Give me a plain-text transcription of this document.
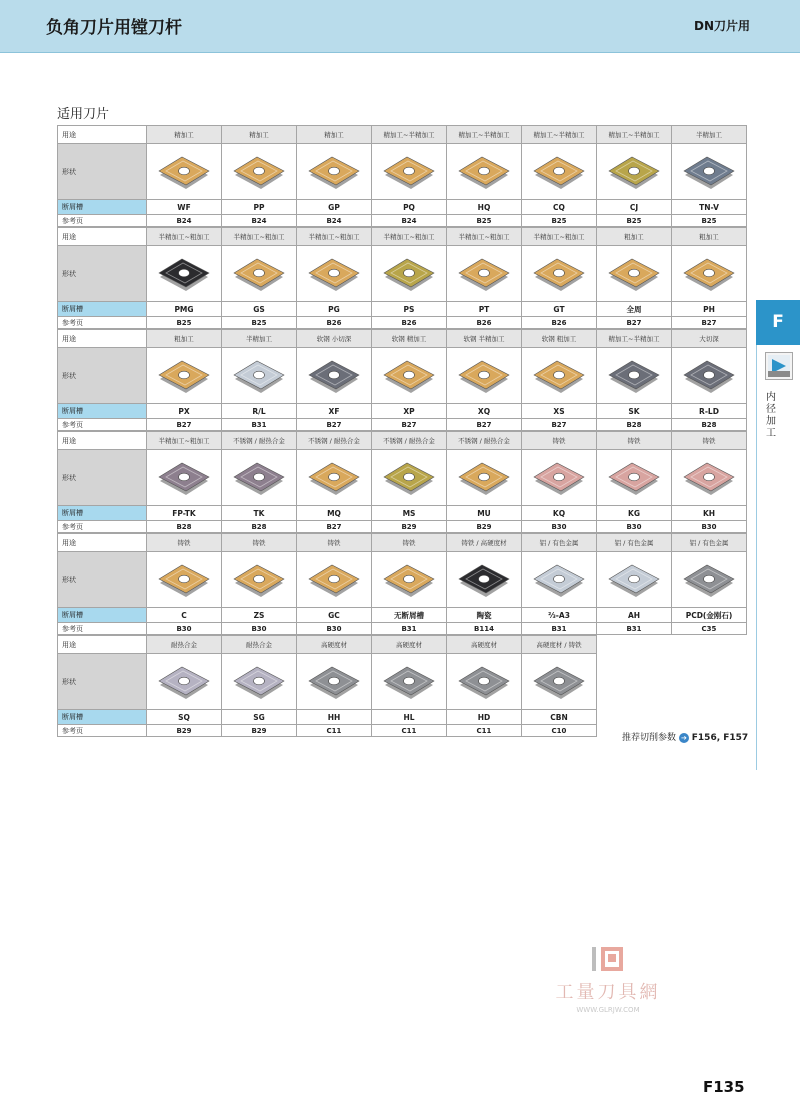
负角刀片用镗刀杆	DN刀片用
适用刀片
用途	精加工	精加工	精加工	精加工~半精加工	精加工~半精加工	精加工~半精加工	精加工~半精加工	半精加工
形状	

断屑槽	WF	PP	GP	PQ	HQ	CQ	CJ	TN-V
参考页	B24	B24	B24	B24	B25	B25	B25	B25
用途	半精加工~粗加工	半精加工~粗加工	半精加工~粗加工	半精加工~粗加工	半精加工~粗加工	半精加工~粗加工	粗加工	粗加工
形状	

断屑槽	PMG	GS	PG	PS	PT	GT	全周	PH
参考页	B25	B25	B26	B26	B26	B26	B27	B27
用途	粗加工	半精加工	软钢 小切深	软钢 精加工	软钢 半精加工	软钢 粗加工	精加工~半精加工	大切深
形状	

断屑槽	PX	R/L	XF	XP	XQ	XS	SK	R-LD
参考页	B27	B31	B27	B27	B27	B27	B28	B28
用途	半精加工~粗加工	不锈钢 / 耐热合金	不锈钢 / 耐热合金	不锈钢 / 耐热合金	不锈钢 / 耐热合金	铸铁	铸铁	铸铁
形状	

断屑槽	FP-TK	TK	MQ	MS	MU	KQ	KG	KH
参考页	B28	B28	B27	B29	B29	B30	B30	B30
用途	铸铁	铸铁	铸铁	铸铁	铸铁 / 高硬度材	铝 / 有色金属	铝 / 有色金属	铝 / 有色金属
形状	

断屑槽	C	ZS	GC	无断屑槽	陶瓷	⅔-A3	AH	PCD(金刚石)
参考页	B30	B30	B30	B31	B114	B31	B31	C35
用途	耐热合金	耐热合金	高硬度材	高硬度材	高硬度材	高硬度材 / 铸铁		
形状	

断屑槽	SQ	SG	HH	HL	HD	CBN		
参考页	B29	B29	C11	C11	C11	C10		
推荐切削参数 ➔ F156, F157
F
内径加工
工量刀具網
WWW.GLRJW.COM
F135
